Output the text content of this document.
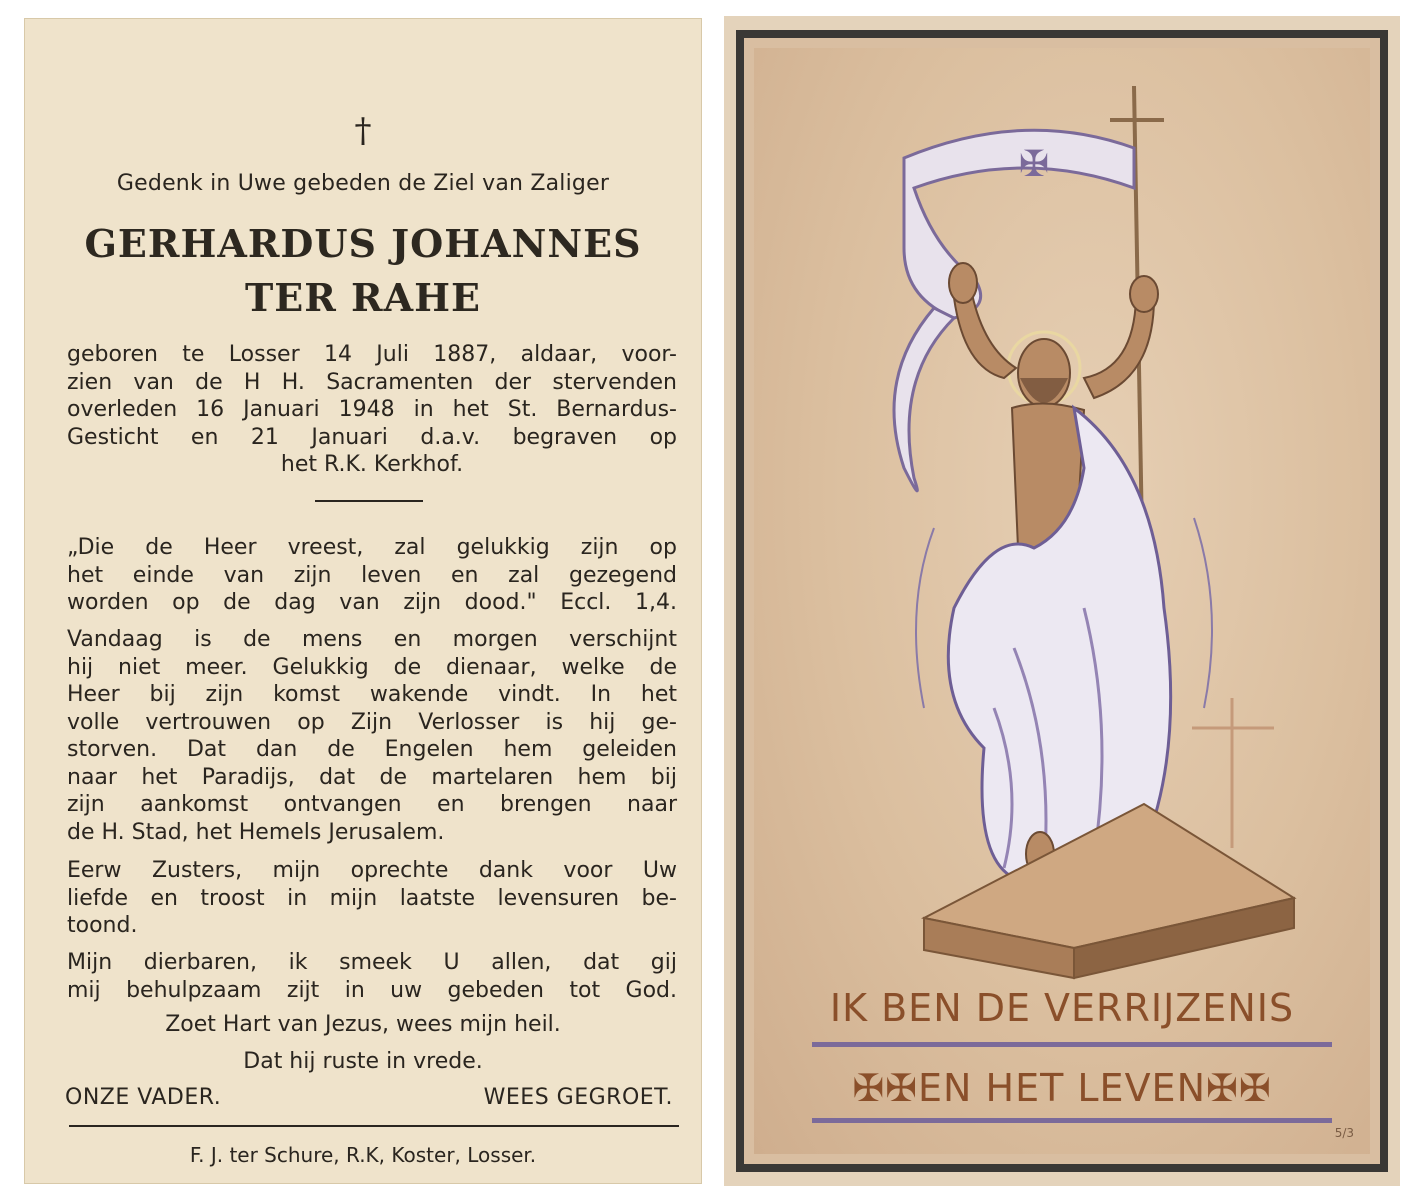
†
Gedenk in Uwe gebeden de Ziel van Zaliger
GERHARDUS JOHANNES
TER RAHE

geboren te Losser 14 Juli 1887, aldaar, voor-

zien van de H H. Sacramenten der stervenden

overleden 16 Januari 1948 in het St. Bernardus-

Gesticht en 21 Januari d.a.v. begraven op

het R.K. Kerkhof.

„Die de Heer vreest, zal gelukkig zijn op

het einde van zijn leven en zal gezegend

worden op de dag van zijn dood." Eccl. 1,4.

Vandaag is de mens en morgen verschijnt

hij niet meer. Gelukkig de dienaar, welke de

Heer bij zijn komst wakende vindt. In het

volle vertrouwen op Zijn Verlosser is hij ge-

storven. Dat dan de Engelen hem geleiden

naar het Paradijs, dat de martelaren hem bij

zijn aankomst ontvangen en brengen naar

de H. Stad, het Hemels Jerusalem.

Eerw Zusters, mijn oprechte dank voor Uw

liefde en troost in mijn laatste levensuren be-

toond.

Mijn dierbaren, ik smeek U allen, dat gij

mij behulpzaam zijt in uw gebeden tot God.

Zoet Hart van Jezus, wees mijn heil.
Dat hij ruste in vrede.
ONZE VADER.	WEES GEGROET.
F. J. ter Schure, R.K, Koster, Losser.
✠
IK BEN DE VERRIJZENIS
✠✠EN HET LEVEN✠✠
5/3
